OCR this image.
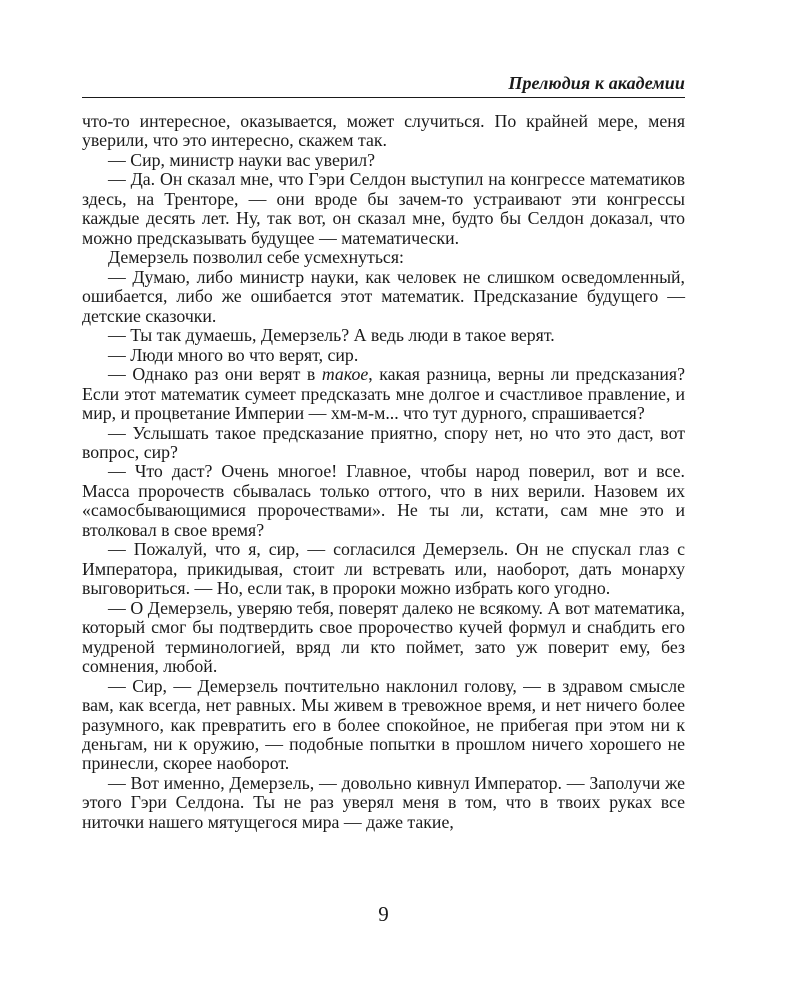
Прелюдия к академии

что-то интересное, оказывается, может случиться. По крайней мере, меня уверили, что это интересно, скажем так.

— Сир, министр науки вас уверил?

— Да. Он сказал мне, что Гэри Селдон выступил на конгрессе математиков здесь, на Тренторе, — они вроде бы зачем-то устраивают эти конгрессы каждые десять лет. Ну, так вот, он сказал мне, будто бы Селдон доказал, что можно предсказывать будущее — математически.

Демерзель позволил себе усмехнуться:

— Думаю, либо министр науки, как человек не слишком осведомленный, ошибается, либо же ошибается этот математик. Предсказание будущего — детские сказочки.

— Ты так думаешь, Демерзель? А ведь люди в такое верят.

— Люди много во что верят, сир.

— Однако раз они верят в такое, какая разница, верны ли предсказания? Если этот математик сумеет предсказать мне долгое и счастливое правление, и мир, и процветание Империи — хм-м-м... что тут дурного, спрашивается?

— Услышать такое предсказание приятно, спору нет, но что это даст, вот вопрос, сир?

— Что даст? Очень многое! Главное, чтобы народ поверил, вот и все. Масса пророчеств сбывалась только оттого, что в них верили. Назовем их «самосбывающимися пророчествами». Не ты ли, кстати, сам мне это и втолковал в свое время?

— Пожалуй, что я, сир, — согласился Демерзель. Он не спускал глаз с Императора, прикидывая, стоит ли встревать или, наоборот, дать монарху выговориться. — Но, если так, в пророки можно избрать кого угодно.

— О Демерзель, уверяю тебя, поверят далеко не всякому. А вот математика, который смог бы подтвердить свое пророчество кучей формул и снабдить его мудреной терминологией, вряд ли кто поймет, зато уж поверит ему, без сомнения, любой.

— Сир, — Демерзель почтительно наклонил голову, — в здравом смысле вам, как всегда, нет равных. Мы живем в тревожное время, и нет ничего более разумного, как превратить его в более спокойное, не прибегая при этом ни к деньгам, ни к оружию, — подобные попытки в прошлом ничего хорошего не принесли, скорее наоборот.

— Вот именно, Демерзель, — довольно кивнул Император. — Заполучи же этого Гэри Селдона. Ты не раз уверял меня в том, что в твоих руках все ниточки нашего мятущегося мира — даже такие,

9
